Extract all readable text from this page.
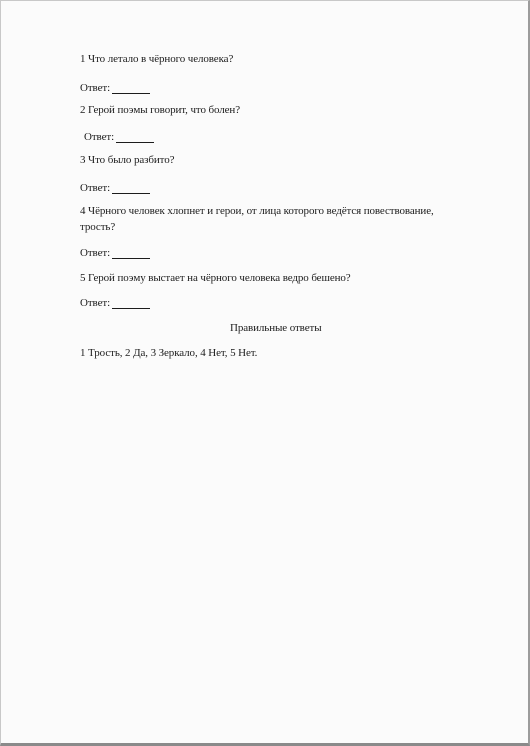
1 Что летало в чёрного человека?
Ответ:
2 Герой поэмы говорит, что болен?
Ответ:
3 Что было разбито?
Ответ:
4 Чёрного человек хлопнет и герои, от лица которого ведётся повествование,
трость?
Ответ:
5 Герой поэму выстает на чёрного человека ведро бешено?
Ответ:
Правильные ответы
1 Трость, 2 Да, 3 Зеркало, 4 Нет, 5 Нет.
